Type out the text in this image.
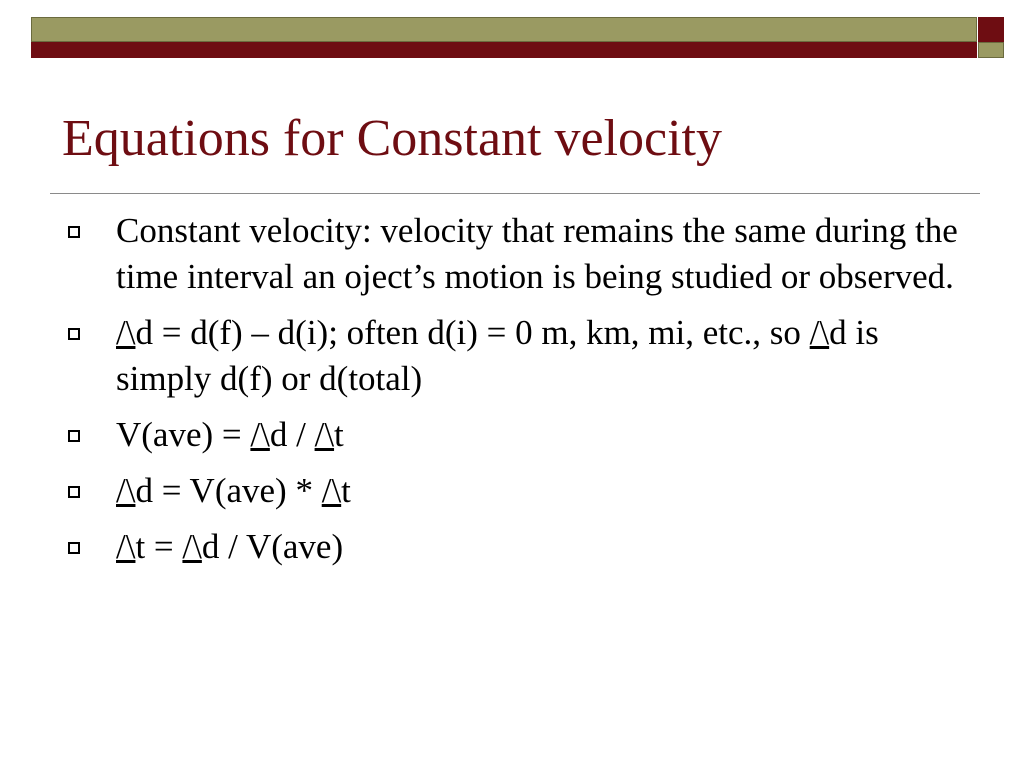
Equations for Constant velocity
Constant velocity: velocity that remains the same during the time interval an oject’s motion is being studied or observed.
/\d = d(f) – d(i); often d(i) = 0 m, km, mi, etc., so /\d is simply d(f) or d(total)
V(ave) = /\d / /\t
/\d = V(ave) * /\t
/\t = /\d / V(ave)
